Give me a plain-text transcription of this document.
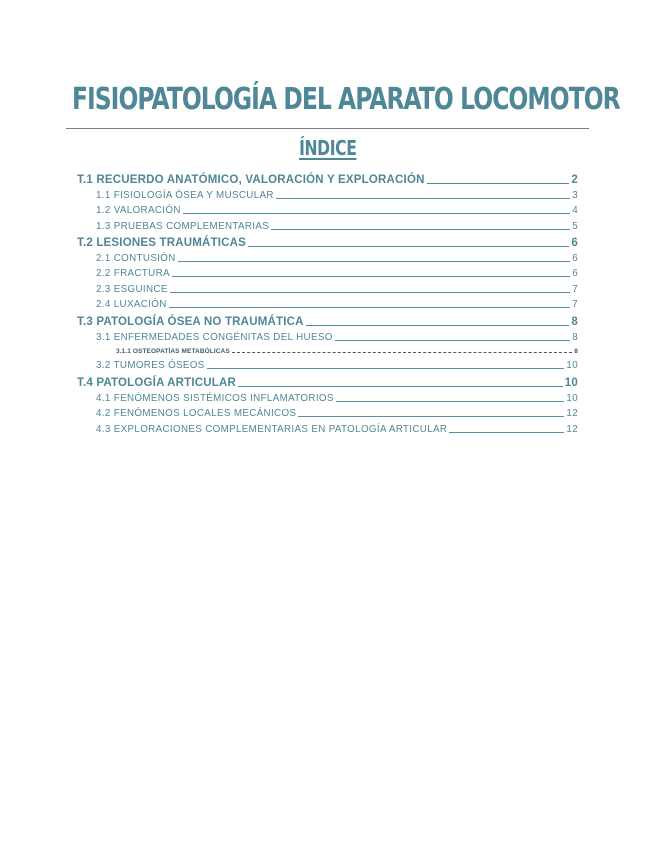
FISIOPATOLOGÍA DEL APARATO LOCOMOTOR
ÍNDICE
T.1 RECUERDO ANATÓMICO, VALORACIÓN Y EXPLORACIÓN	2
1.1 FISIOLOGÍA ÓSEA Y MUSCULAR	3
1.2 VALORACIÓN	4
1.3 PRUEBAS COMPLEMENTARIAS	5
T.2 LESIONES TRAUMÁTICAS	6
2.1 CONTUSIÓN	6
2.2 FRACTURA	6
2.3 ESGUINCE	7
2.4 LUXACIÓN	7
T.3 PATOLOGÍA ÓSEA NO TRAUMÁTICA	8
3.1 ENFERMEDADES CONGÉNITAS DEL HUESO	8
3.1.1 OSTEOPATÍAS METABÓLICAS	8
3.2 TUMORES ÓSEOS	10
T.4 PATOLOGÍA ARTICULAR	10
4.1 FENÓMENOS SISTÉMICOS INFLAMATORIOS	10
4.2 FENÓMENOS LOCALES MECÁNICOS	12
4.3 EXPLORACIONES COMPLEMENTARIAS EN PATOLOGÍA ARTICULAR	12
